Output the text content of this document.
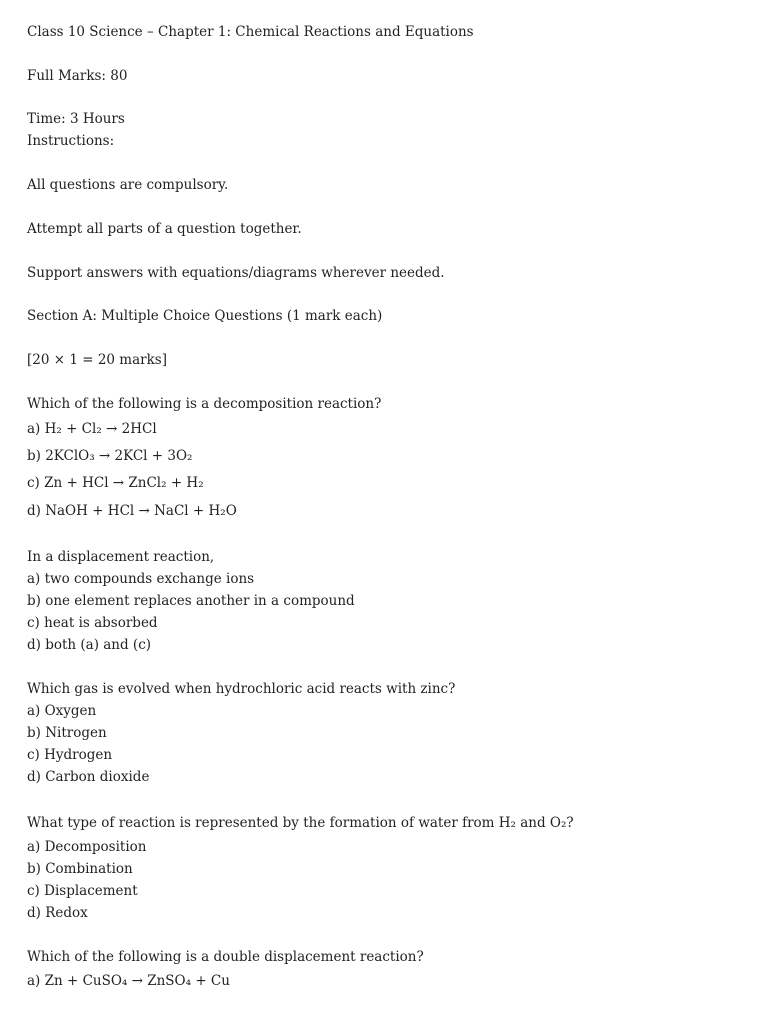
Class 10 Science – Chapter 1: Chemical Reactions and Equations
Full Marks: 80
Time: 3 Hours
Instructions:
All questions are compulsory.
Attempt all parts of a question together.
Support answers with equations/diagrams wherever needed.
Section A: Multiple Choice Questions (1 mark each)
[20 × 1 = 20 marks]
Which of the following is a decomposition reaction?
a) H₂ + Cl₂ → 2HCl
b) 2KClO₃ → 2KCl + 3O₂
c) Zn + HCl → ZnCl₂ + H₂
d) NaOH + HCl → NaCl + H₂O
In a displacement reaction,
a) two compounds exchange ions
b) one element replaces another in a compound
c) heat is absorbed
d) both (a) and (c)
Which gas is evolved when hydrochloric acid reacts with zinc?
a) Oxygen
b) Nitrogen
c) Hydrogen
d) Carbon dioxide
What type of reaction is represented by the formation of water from H₂ and O₂?
a) Decomposition
b) Combination
c) Displacement
d) Redox
Which of the following is a double displacement reaction?
a) Zn + CuSO₄ → ZnSO₄ + Cu
